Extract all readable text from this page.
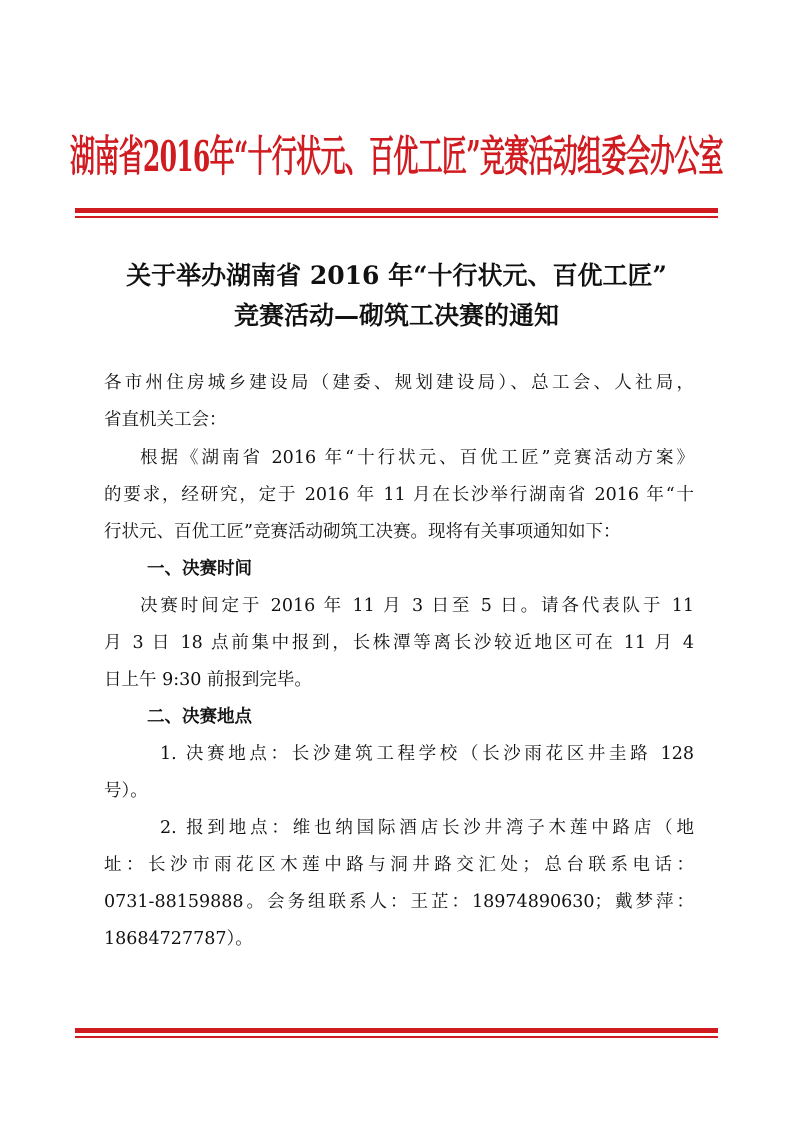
湖南省2016年“十行状元、百优工匠”竞赛活动组委会办公室
关于举办湖南省 2016 年“十行状元、百优工匠”
竞赛活动—砌筑工决赛的通知
各市州住房城乡建设局（建委、规划建设局）、总工会、人社局，
省直机关工会：
根据《湖南省 2016 年“十行状元、百优工匠”竞赛活动方案》
的要求，经研究，定于 2016 年 11 月在长沙举行湖南省 2016 年“十
行状元、百优工匠”竞赛活动砌筑工决赛。现将有关事项通知如下：
一、决赛时间
决赛时间定于 2016 年 11 月 3 日至 5 日。请各代表队于 11
月 3 日 18 点前集中报到，长株潭等离长沙较近地区可在 11 月 4
日上午 9:30 前报到完毕。
二、决赛地点
1. 决赛地点：长沙建筑工程学校（长沙雨花区井圭路 128
号）。
2. 报到地点：维也纳国际酒店长沙井湾子木莲中路店（地
址：长沙市雨花区木莲中路与洞井路交汇处；总台联系电话：
0731-88159888。会务组联系人：王芷：18974890630；戴梦萍：
18684727787）。
